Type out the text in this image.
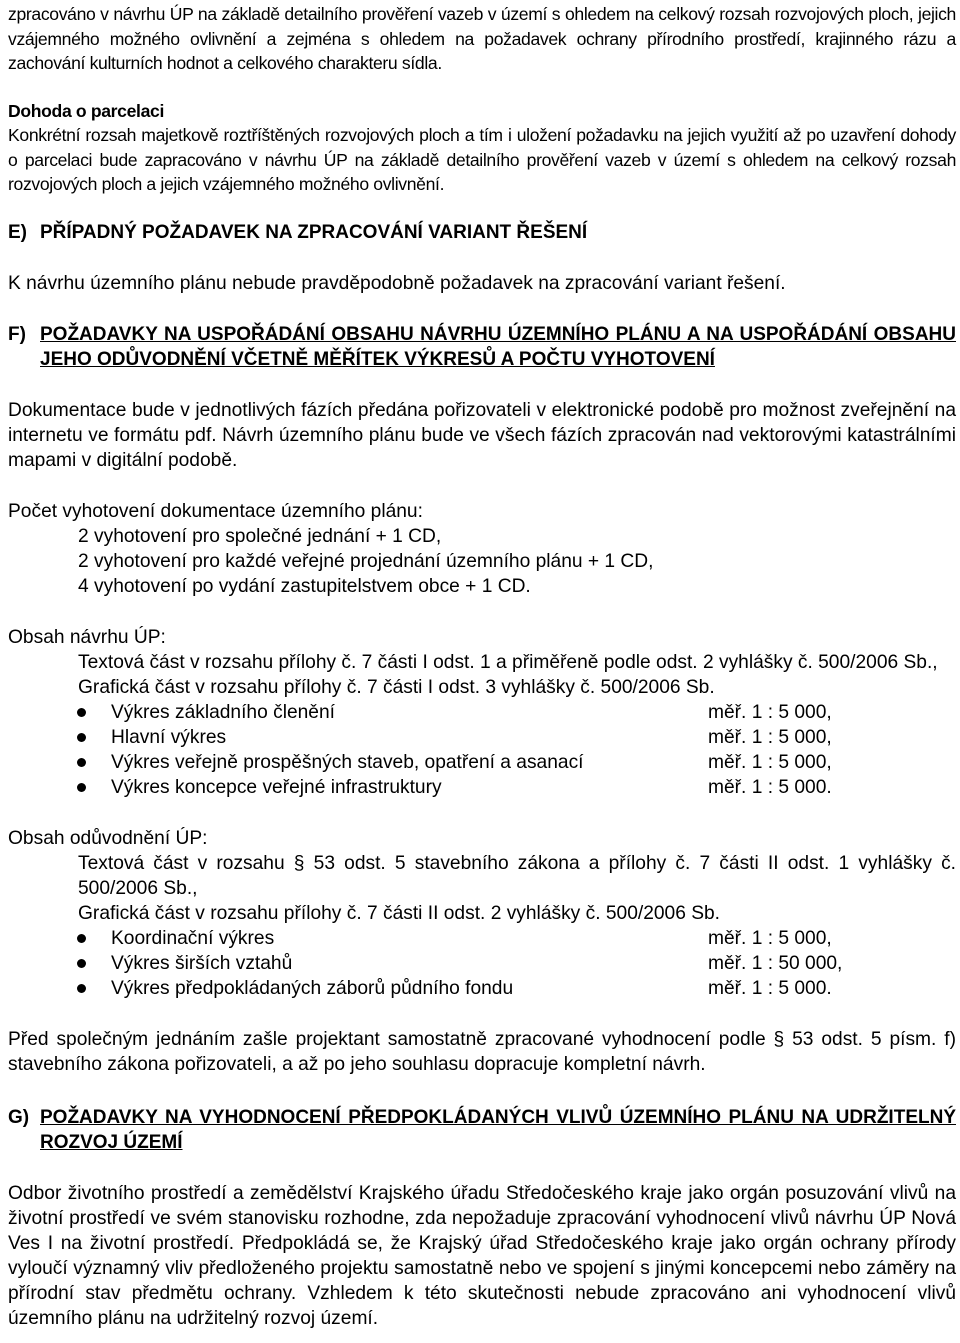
zpracováno v návrhu ÚP na základě detailního prověření vazeb v území s ohledem na celkový rozsah rozvojových ploch, jejich vzájemného možného ovlivnění a zejména s ohledem na požadavek ochrany přírodního prostředí, krajinného rázu a zachování kulturních hodnot a celkového charakteru sídla.

Dohoda o parcelaci

Konkrétní rozsah majetkově roztříštěných rozvojových ploch a tím i uložení požadavku na jejich využití až po uzavření dohody o parcelaci bude zapracováno v návrhu ÚP na základě detailního prověření vazeb v území s ohledem na celkový rozsah rozvojových ploch a jejich vzájemného možného ovlivnění.

E) PŘÍPADNÝ POŽADAVEK NA ZPRACOVÁNÍ VARIANT ŘEŠENÍ

K návrhu územního plánu nebude pravděpodobně požadavek na zpracování variant řešení.

F) POŽADAVKY NA USPOŘÁDÁNÍ OBSAHU NÁVRHU ÚZEMNÍHO PLÁNU A NA USPOŘÁDÁNÍ OBSAHU JEHO ODŮVODNĚNÍ VČETNĚ MĚŘÍTEK VÝKRESŮ A POČTU VYHOTOVENÍ

Dokumentace bude v jednotlivých fázích předána pořizovateli v elektronické podobě pro možnost zveřejnění na internetu ve formátu pdf. Návrh územního plánu bude ve všech fázích zpracován nad vektorovými katastrálními mapami v digitální podobě.

Počet vyhotovení dokumentace územního plánu:

2 vyhotovení pro společné jednání + 1 CD,

2 vyhotovení pro každé veřejné projednání územního plánu + 1 CD,

4 vyhotovení po vydání zastupitelstvem obce + 1 CD.

Obsah návrhu ÚP:

Textová část v rozsahu přílohy č. 7 části I odst. 1 a přiměřeně podle odst. 2 vyhlášky č. 500/2006 Sb.,

Grafická část v rozsahu přílohy č. 7 části I odst. 3 vyhlášky č. 500/2006 Sb.

Výkres základního členění	měř. 1 : 5 000,
Hlavní výkres	měř. 1 : 5 000,
Výkres veřejně prospěšných staveb, opatření a asanací	měř. 1 : 5 000,
Výkres koncepce veřejné infrastruktury	měř. 1 : 5 000.

Obsah odůvodnění ÚP:

Textová část v rozsahu § 53 odst. 5 stavebního zákona a přílohy č. 7 části II odst. 1 vyhlášky č. 500/2006 Sb.,

Grafická část v rozsahu přílohy č. 7 části II odst. 2 vyhlášky č. 500/2006 Sb.

Koordinační výkres	měř. 1 : 5 000,
Výkres širších vztahů	měř. 1 : 50 000,
Výkres předpokládaných záborů půdního fondu	měř. 1 : 5 000.

Před společným jednáním zašle projektant samostatně zpracované vyhodnocení podle § 53 odst. 5 písm. f) stavebního zákona pořizovateli, a až po jeho souhlasu dopracuje kompletní návrh.

G) POŽADAVKY NA VYHODNOCENÍ PŘEDPOKLÁDANÝCH VLIVŮ ÚZEMNÍHO PLÁNU NA UDRŽITELNÝ ROZVOJ ÚZEMÍ

Odbor životního prostředí a zemědělství Krajského úřadu Středočeského kraje jako orgán posuzování vlivů na životní prostředí ve svém stanovisku rozhodne, zda nepožaduje zpracování vyhodnocení vlivů návrhu ÚP Nová Ves I na životní prostředí. Předpokládá se, že Krajský úřad Středočeského kraje jako orgán ochrany přírody vyloučí významný vliv předloženého projektu samostatně nebo ve spojení s jinými koncepcemi nebo záměry na přírodní stav předmětu ochrany. Vzhledem k této skutečnosti nebude zpracováno ani vyhodnocení vlivů územního plánu na udržitelný rozvoj území.
